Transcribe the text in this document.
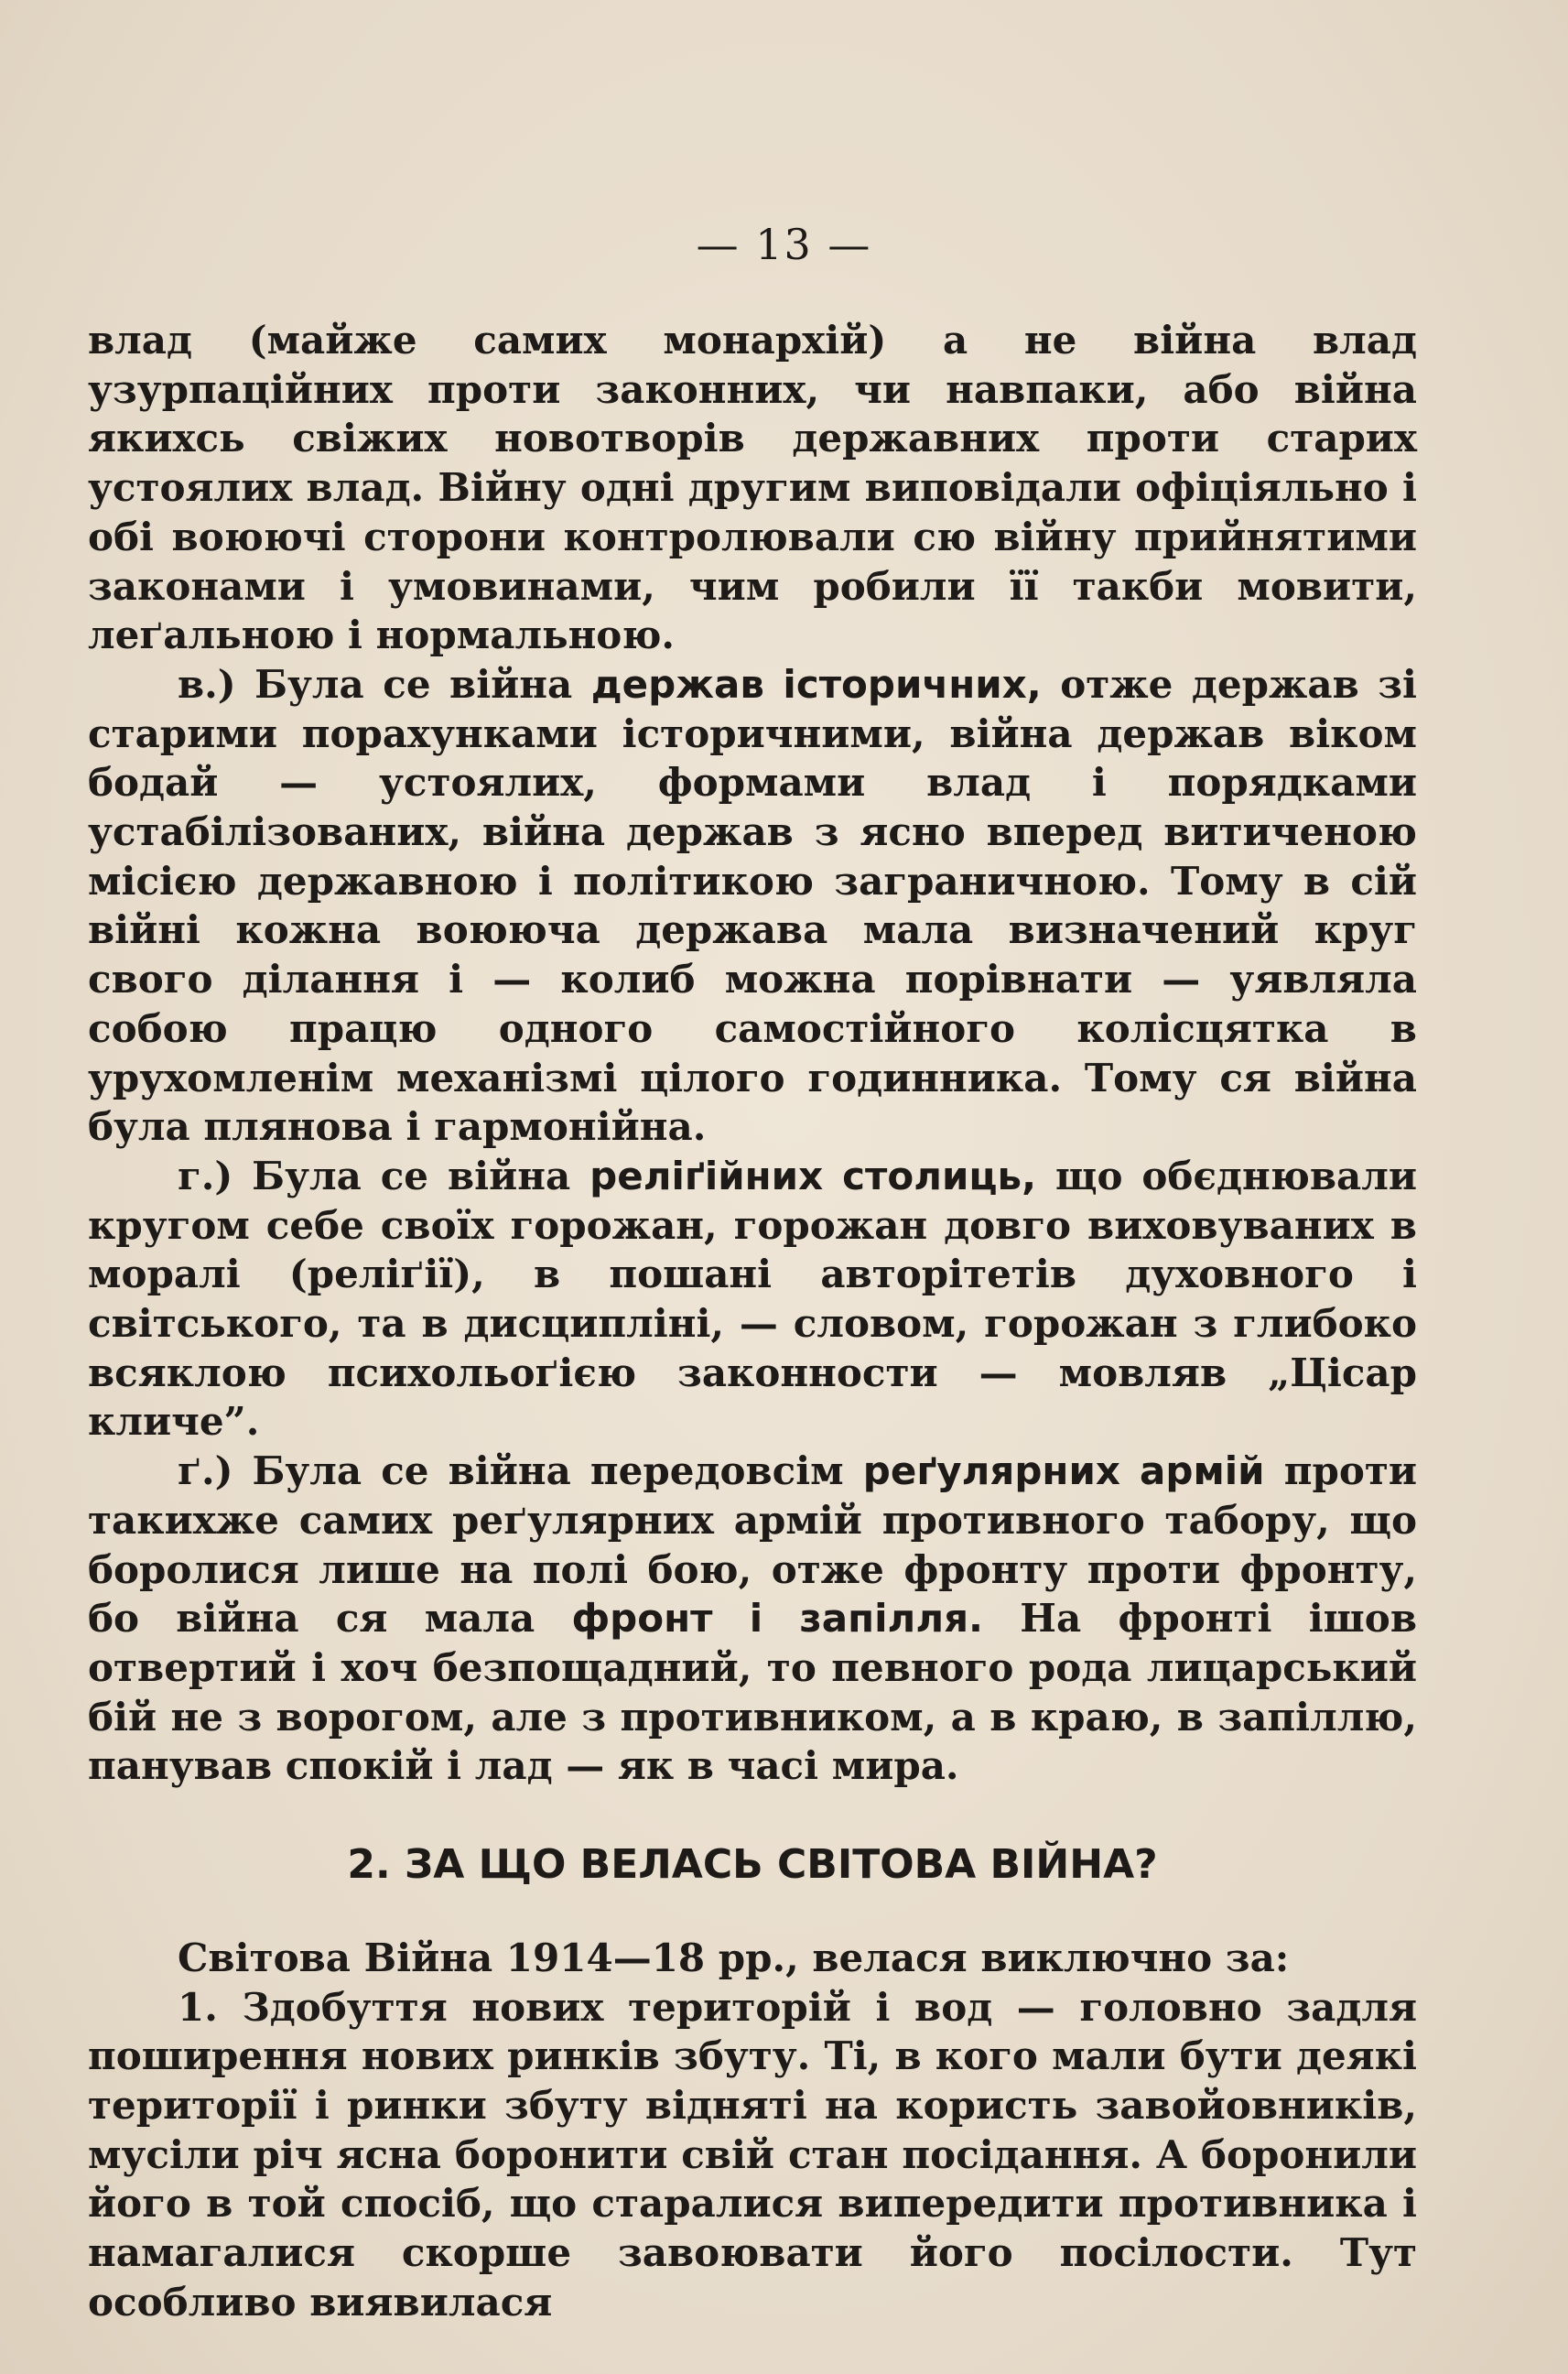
— 13 —

влад (майже самих монархій) а не війна влад узурпаційних проти законних, чи навпаки, або війна якихсь свіжих новотворів державних проти старих устоялих влад. Війну одні другим виповідали офіціяльно і обі воюючі сторони контролювали сю війну прийнятими законами і умовинами, чим робили її такби мовити, леґальною і нормальною.

в.) Була се війна держав історичних, отже держав зі старими порахунками історичними, війна держав віком бодай — устоялих, формами влад і порядками устабілізованих, війна держав з ясно вперед витиченою місією державною і політикою заграничною. Тому в сій війні кожна воююча держава мала визначений круг свого ділання і — колиб можна порівнати — уявляла собою працю одного самостійного колісцятка в урухомленім механізмі цілого годинника. Тому ся війна була плянова і гармонійна.

г.) Була се війна реліґійних столиць, що обєднювали кругом себе своїх горожан, горожан довго виховуваних в моралі (реліґії), в пошані авторітетів духовного і світського, та в дисципліні, — словом, горожан з глибоко всяклою психольоґією законности — мовляв „Цісар кличе”.

ґ.) Була се війна передовсім реґулярних армій проти такихже самих реґулярних армій противного табору, що боролися лише на полі бою, отже фронту проти фронту, бо війна ся мала фронт і запілля. На фронті ішов отвертий і хоч безпощадний, то певного рода лицарський бій не з ворогом, але з противником, а в краю, в запіллю, панував спокій і лад — як в часі мира.

2. ЗА ЩО ВЕЛАСЬ СВІТОВА ВІЙНА?

Світова Війна 1914—18 рр., велася виключно за:

1. Здобуття нових територій і вод — головно задля поширення нових ринків збуту. Ті, в кого мали бути деякі території і ринки збуту відняті на користь завойовників, мусіли річ ясна боронити свій стан посідання. А боронили його в той спосіб, що старалися випередити противника і намагалися скорше завоювати його посілости. Тут особливо виявилася
